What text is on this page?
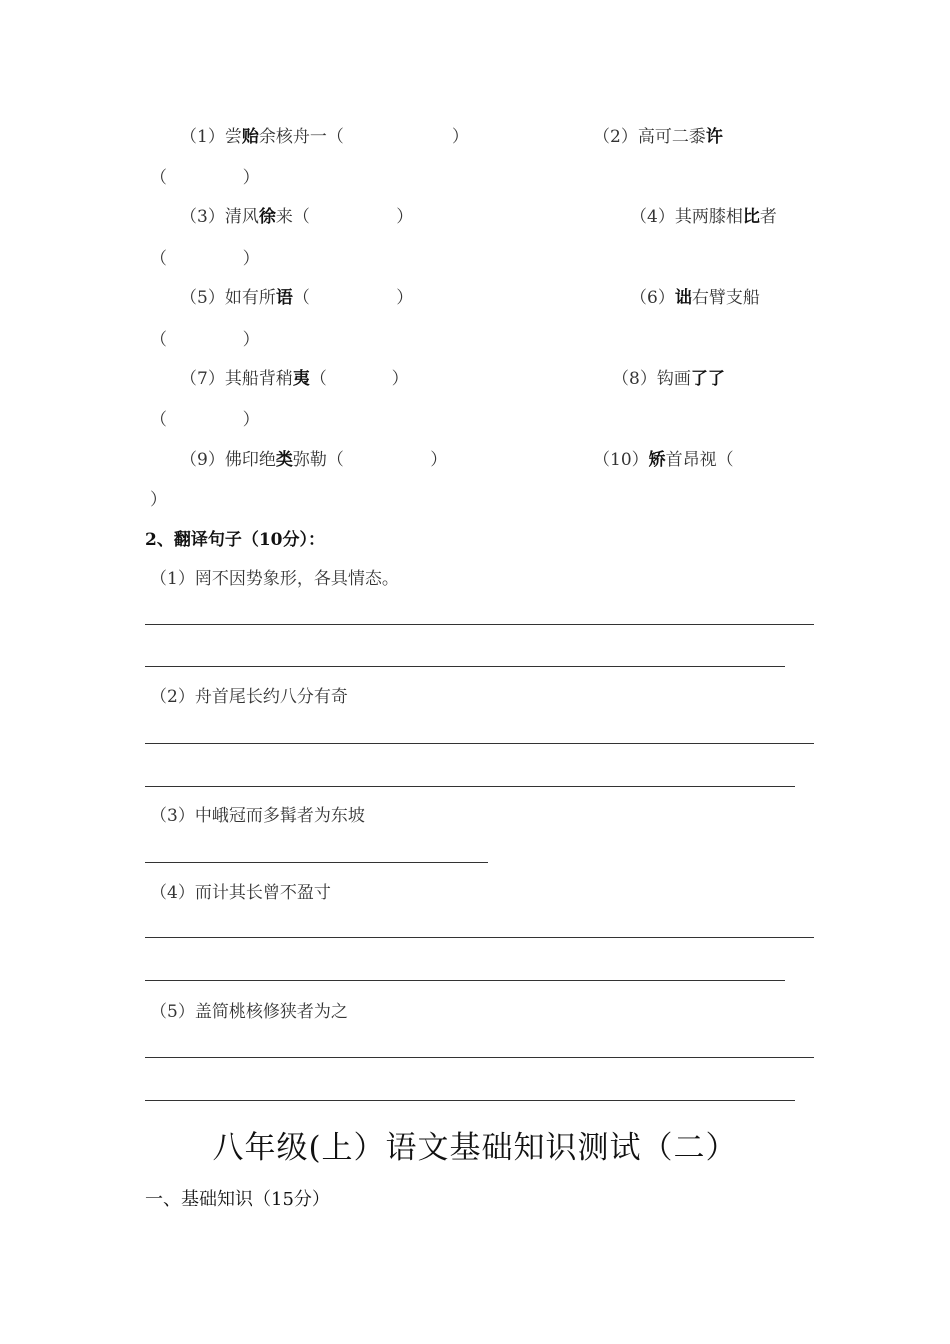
（1）尝贻余核舟一（                    ）	（2）高可二黍许
（              ）
（3）清风徐来（                ）	（4）其两膝相比者
（              ）
（5）如有所语（                ）	（6）诎右臂支船
（              ）
（7）其船背稍夷（            ）	（8）钩画了了
（              ）
（9）佛印绝类弥勒（                ）	（10）矫首昂视（
）
2、翻译句子（10分）：
（1）罔不因势象形，各具情态。
（2）舟首尾长约八分有奇
（3）中峨冠而多髯者为东坡
（4）而计其长曾不盈寸
（5）盖简桃核修狭者为之
八年级(上）语文基础知识测试（二）
一、基础知识（15分）
